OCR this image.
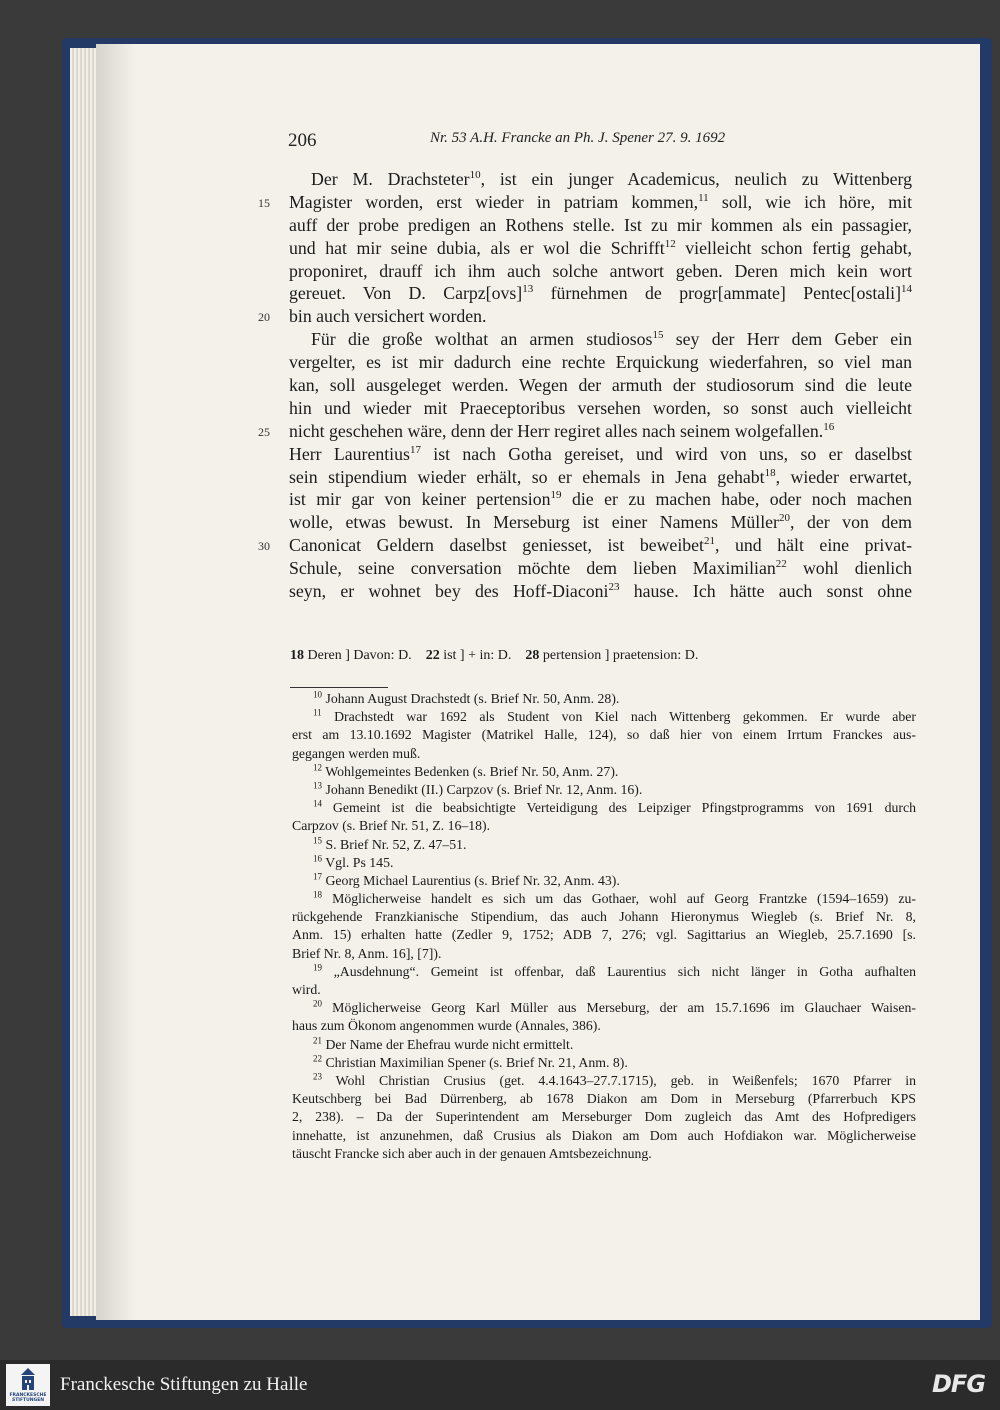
206	Nr. 53 A.H. Francke an Ph. J. Spener 27. 9. 1692
15
20
25
30
Der M. Drachsteter$^{10}$, ist ein junger Academicus, neulich zu Wittenberg
Magister worden, erst wieder in patriam kommen,$^{11}$ soll, wie ich höre, mit
auff der probe predigen an Rothens stelle. Ist zu mir kommen als ein passagier,
und hat mir seine dubia, als er wol die Schrifft$^{12}$ vielleicht schon fertig gehabt,
proponiret, drauff ich ihm auch solche antwort geben. Deren mich kein wort
gereuet. Von D. Carpz[ovs]$^{13}$ fürnehmen de progr[ammate] Pentec[ostali]$^{14}$
bin auch versichert worden.
Für die große wolthat an armen studiosos$^{15}$ sey der Herr dem Geber ein
vergelter, es ist mir dadurch eine rechte Erquickung wiederfahren, so viel man
kan, soll ausgeleget werden. Wegen der armuth der studiosorum sind die leute
hin und wieder mit Praeceptoribus versehen worden, so sonst auch vielleicht
nicht geschehen wäre, denn der Herr regiret alles nach seinem wolgefallen.$^{16}$
Herr Laurentius$^{17}$ ist nach Gotha gereiset, und wird von uns, so er daselbst
sein stipendium wieder erhält, so er ehemals in Jena gehabt$^{18}$, wieder erwartet,
ist mir gar von keiner pertension$^{19}$ die er zu machen habe, oder noch machen
wolle, etwas bewust. In Merseburg ist einer Namens Müller$^{20}$, der von dem
Canonicat Geldern daselbst geniesset, ist beweibet$^{21}$, und hält eine privat-
Schule, seine conversation möchte dem lieben Maximilian$^{22}$ wohl dienlich
seyn, er wohnet bey des Hoff-Diaconi$^{23}$ hause. Ich hätte auch sonst ohne
18 Deren ] Davon: D.  22 ist ] + in: D.  28 pertension ] praetension: D.
$^{10}$ Johann August Drachstedt (s. Brief Nr. 50, Anm. 28).
$^{11}$ Drachstedt war 1692 als Student von Kiel nach Wittenberg gekommen. Er wurde aber
erst am 13.10.1692 Magister (Matrikel Halle, 124), so daß hier von einem Irrtum Franckes aus-
gegangen werden muß.
$^{12}$ Wohlgemeintes Bedenken (s. Brief Nr. 50, Anm. 27).
$^{13}$ Johann Benedikt (II.) Carpzov (s. Brief Nr. 12, Anm. 16).
$^{14}$ Gemeint ist die beabsichtigte Verteidigung des Leipziger Pfingstprogramms von 1691 durch
Carpzov (s. Brief Nr. 51, Z. 16–18).
$^{15}$ S. Brief Nr. 52, Z. 47–51.
$^{16}$ Vgl. Ps 145.
$^{17}$ Georg Michael Laurentius (s. Brief Nr. 32, Anm. 43).
$^{18}$ Möglicherweise handelt es sich um das Gothaer, wohl auf Georg Frantzke (1594–1659) zu-
rückgehende Franzkianische Stipendium, das auch Johann Hieronymus Wiegleb (s. Brief Nr. 8,
Anm. 15) erhalten hatte (Zedler 9, 1752; ADB 7, 276; vgl. Sagittarius an Wiegleb, 25.7.1690 [s.
Brief Nr. 8, Anm. 16], [7]).
$^{19}$ „Ausdehnung“. Gemeint ist offenbar, daß Laurentius sich nicht länger in Gotha aufhalten
wird.
$^{20}$ Möglicherweise Georg Karl Müller aus Merseburg, der am 15.7.1696 im Glauchaer Waisen-
haus zum Ökonom angenommen wurde (Annales, 386).
$^{21}$ Der Name der Ehefrau wurde nicht ermittelt.
$^{22}$ Christian Maximilian Spener (s. Brief Nr. 21, Anm. 8).
$^{23}$ Wohl Christian Crusius (get. 4.4.1643–27.7.1715), geb. in Weißenfels; 1670 Pfarrer in
Keutschberg bei Bad Dürrenberg, ab 1678 Diakon am Dom in Merseburg (Pfarrerbuch KPS
2, 238). – Da der Superintendent am Merseburger Dom zugleich das Amt des Hofpredigers
innehatte, ist anzunehmen, daß Crusius als Diakon am Dom auch Hofdiakon war. Möglicherweise
täuscht Francke sich aber auch in der genauen Amtsbezeichnung.
FRANCKESCHE
STIFTUNGEN
Franckesche Stiftungen zu Halle	DFG
